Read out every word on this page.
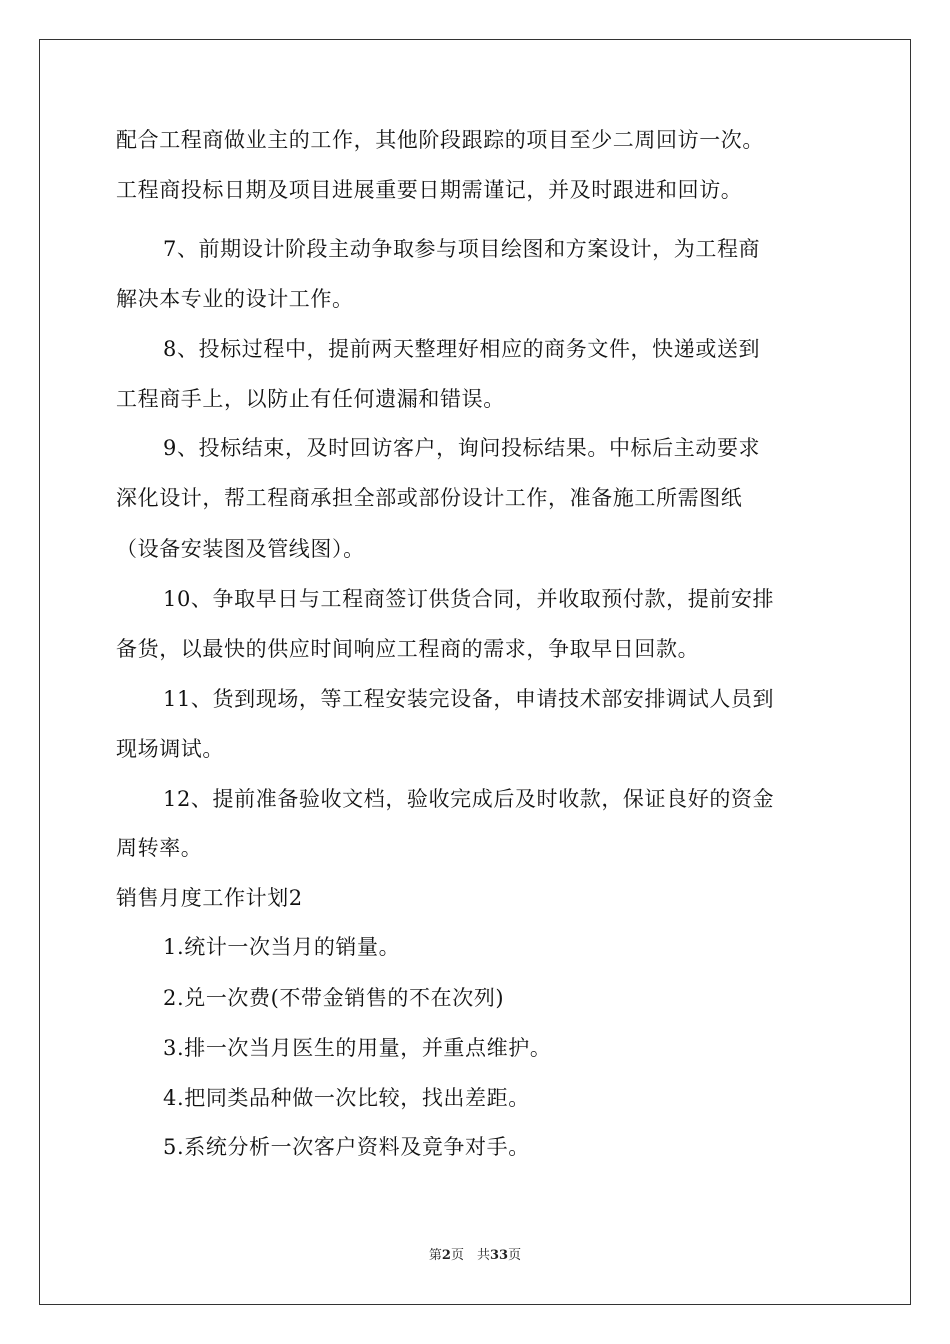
配合工程商做业主的工作，其他阶段跟踪的项目至少二周回访一次。
工程商投标日期及项目进展重要日期需谨记，并及时跟进和回访。
7、前期设计阶段主动争取参与项目绘图和方案设计，为工程商
解决本专业的设计工作。
8、投标过程中，提前两天整理好相应的商务文件，快递或送到
工程商手上，以防止有任何遗漏和错误。
9、投标结束，及时回访客户，询问投标结果。中标后主动要求
深化设计，帮工程商承担全部或部份设计工作，准备施工所需图纸
（设备安装图及管线图）。
10、争取早日与工程商签订供货合同，并收取预付款，提前安排
备货，以最快的供应时间响应工程商的需求，争取早日回款。
11、货到现场，等工程安装完设备，申请技术部安排调试人员到
现场调试。
12、提前准备验收文档，验收完成后及时收款，保证良好的资金
周转率。
销售月度工作计划2
1.统计一次当月的销量。
2.兑一次费(不带金销售的不在次列)
3.排一次当月医生的用量，并重点维护。
4.把同类品种做一次比较，找出差距。
5.系统分析一次客户资料及竟争对手。
第2页　共33页
